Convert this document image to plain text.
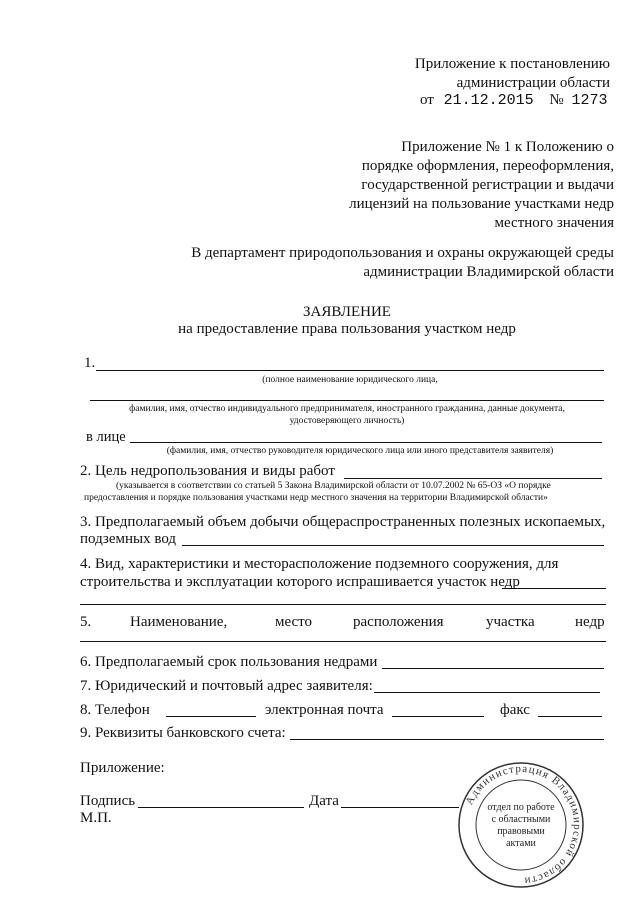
Приложение к постановлению
администрации области
от 21.12.2015 № 1273
Приложение № 1 к Положению о
порядке оформления, переоформления,
государственной регистрации и выдачи
лицензий на пользование участками недр
местного значения
В департамент природопользования и охраны окружающей среды
администрации Владимирской области
ЗАЯВЛЕНИЕ
на предоставление права пользования участком недр
1.
(полное наименование юридического лица,
фамилия, имя, отчество индивидуального предпринимателя, иностранного гражданина, данные документа,
удостоверяющего личность)
в лице
(фамилия, имя, отчество руководителя юридического лица или иного представителя заявителя)
2. Цель недропользования и виды работ
(указывается в соответствии со статьей 5 Закона Владимирской области от 10.07.2002 № 65-ОЗ «О порядке
предоставления и порядке пользования участками недр местного значения на территории Владимирской области»
3. Предполагаемый объем добычи общераспространенных полезных ископаемых,
подземных вод
4. Вид, характеристики и месторасположение подземного сооружения, для
строительства и эксплуатации которого испрашивается участок недр
5.	Наименование,	место	расположения	участка	недр
6. Предполагаемый срок пользования недрами
7. Юридический и почтовый адрес заявителя:
8. Телефон	электронная почта	факс
9. Реквизиты банковского счета:
Приложение:
Подпись	Дата
М.П.
Администрация Владимирской области
отдел по работе
с областными
правовыми
актами
